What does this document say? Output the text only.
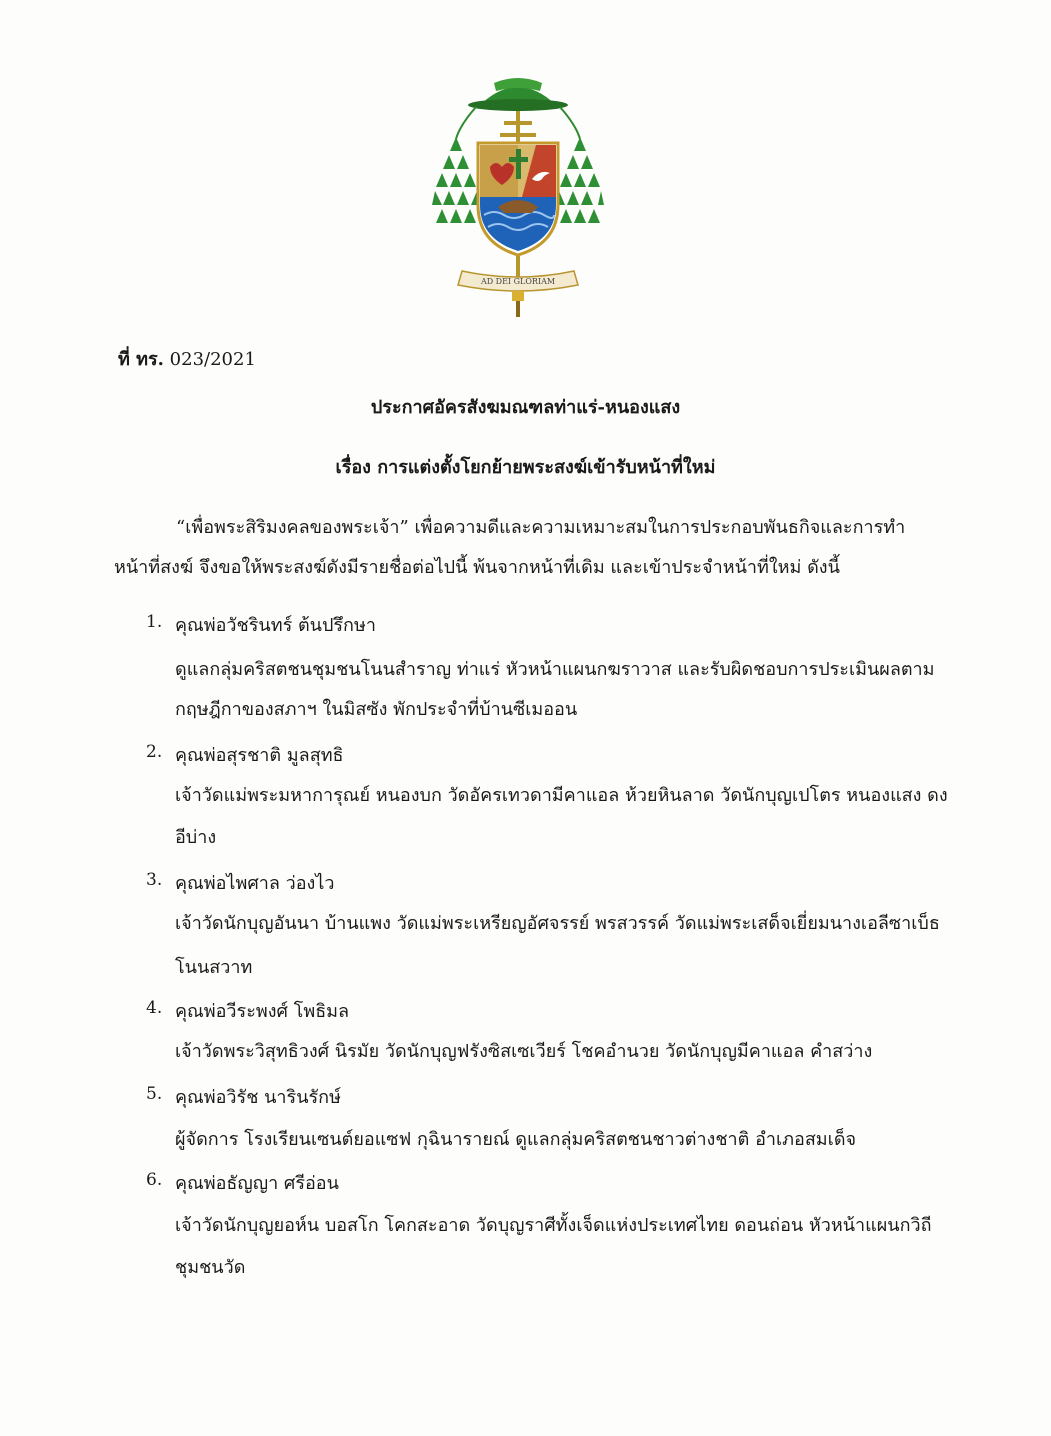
AD DEI GLORIAM
ที่ ทร. 023/2021
ประกาศอัครสังฆมณฑลท่าแร่-หนองแสง
เรื่อง การแต่งตั้งโยกย้ายพระสงฆ์เข้ารับหน้าที่ใหม่
“เพื่อพระสิริมงคลของพระเจ้า” เพื่อความดีและความเหมาะสมในการประกอบพันธกิจและการทำ
หน้าที่สงฆ์ จึงขอให้พระสงฆ์ดังมีรายชื่อต่อไปนี้ พ้นจากหน้าที่เดิม และเข้าประจำหน้าที่ใหม่ ดังนี้
1. คุณพ่อวัชรินทร์ ต้นปรึกษา
ดูแลกลุ่มคริสตชนชุมชนโนนสำราญ ท่าแร่ หัวหน้าแผนกฆราวาส และรับผิดชอบการประเมินผลตาม
กฤษฎีกาของสภาฯ ในมิสซัง พักประจำที่บ้านซีเมออน
2. คุณพ่อสุรชาติ มูลสุทธิ
เจ้าวัดแม่พระมหาการุณย์ หนองบก วัดอัครเทวดามีคาแอล ห้วยหินลาด วัดนักบุญเปโตร หนองแสง ดง
อีบ่าง
3. คุณพ่อไพศาล ว่องไว
เจ้าวัดนักบุญอันนา บ้านแพง วัดแม่พระเหรียญอัศจรรย์ พรสวรรค์ วัดแม่พระเสด็จเยี่ยมนางเอลีซาเบ็ธ
โนนสวาท
4. คุณพ่อวีระพงศ์ โพธิมล
เจ้าวัดพระวิสุทธิวงศ์ นิรมัย วัดนักบุญฟรังซิสเซเวียร์ โชคอำนวย วัดนักบุญมีคาแอล คำสว่าง
5. คุณพ่อวิรัช นารินรักษ์
ผู้จัดการ โรงเรียนเซนต์ยอแซฟ กุฉินารายณ์ ดูแลกลุ่มคริสตชนชาวต่างชาติ อำเภอสมเด็จ
6. คุณพ่อธัญญา ศรีอ่อน
เจ้าวัดนักบุญยอห์น บอสโก โคกสะอาด วัดบุญราศีทั้งเจ็ดแห่งประเทศไทย ดอนถ่อน หัวหน้าแผนกวิถี
ชุมชนวัด
